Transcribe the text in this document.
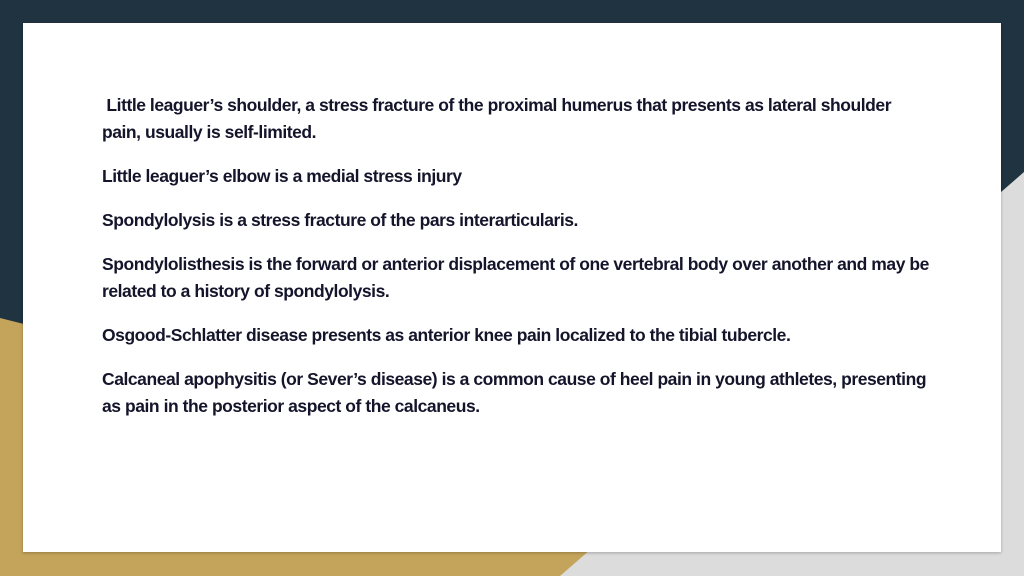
Little leaguer’s shoulder, a stress fracture of the proximal humerus that presents as lateral shoulder pain, usually is self-limited.

Little leaguer’s elbow is a medial stress injury

Spondylolysis is a stress fracture of the pars interarticularis.

Spondylolisthesis is the forward or anterior displacement of one vertebral body over another and may be related to a history of spondylolysis.

Osgood-Schlatter disease presents as anterior knee pain localized to the tibial tubercle.

Calcaneal apophysitis (or Sever’s disease) is a common cause of heel pain in young athletes, presenting as pain in the posterior aspect of the calcaneus.
